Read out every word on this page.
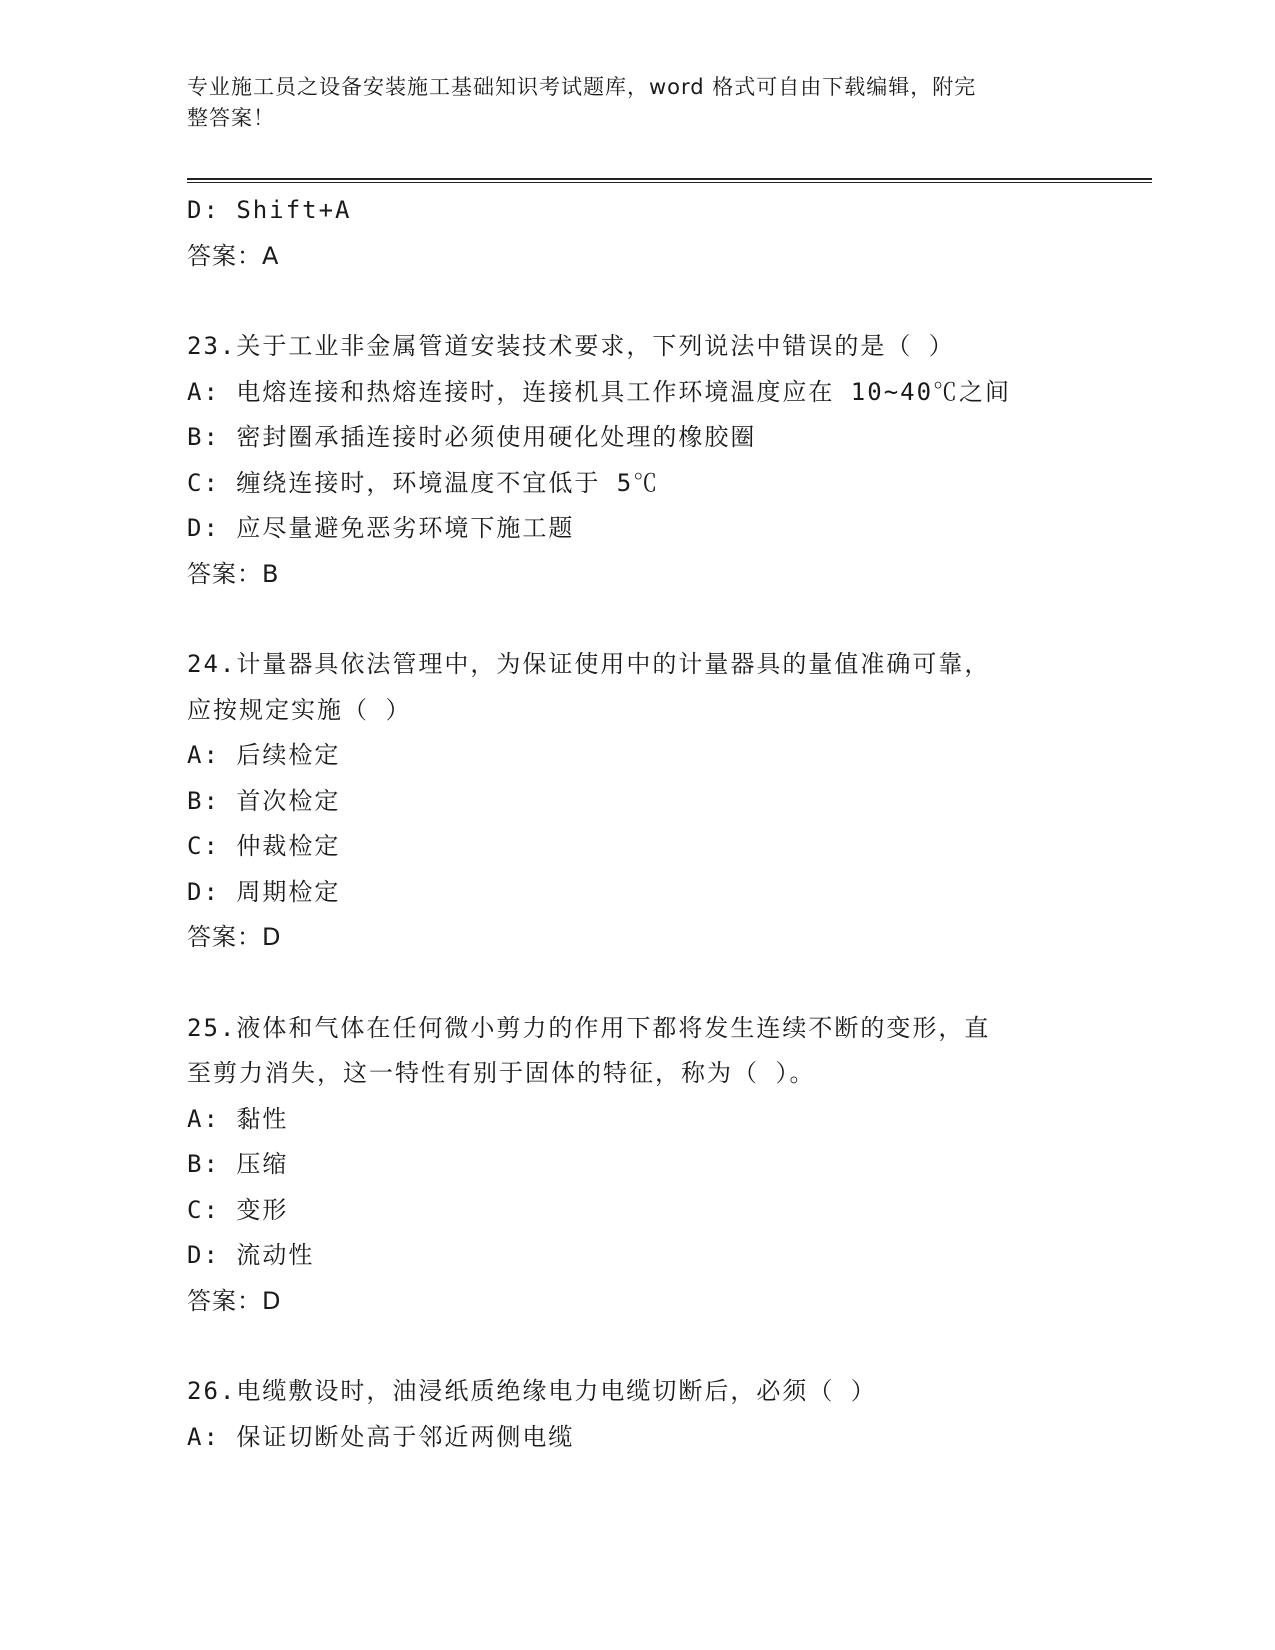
专业施工员之设备安装施工基础知识考试题库，word 格式可自由下载编辑，附完
整答案！
D: Shift+A
答案：A
23.关于工业非金属管道安装技术要求，下列说法中错误的是（ ）
A: 电熔连接和热熔连接时，连接机具工作环境温度应在 10~40℃之间
B: 密封圈承插连接时必须使用硬化处理的橡胶圈
C: 缠绕连接时，环境温度不宜低于 5℃
D: 应尽量避免恶劣环境下施工题
答案：B
24.计量器具依法管理中，为保证使用中的计量器具的量值准确可靠，
应按规定实施（ ）
A: 后续检定
B: 首次检定
C: 仲裁检定
D: 周期检定
答案：D
25.液体和气体在任何微小剪力的作用下都将发生连续不断的变形，直
至剪力消失，这一特性有别于固体的特征，称为（ ）。
A: 黏性
B: 压缩
C: 变形
D: 流动性
答案：D
26.电缆敷设时，油浸纸质绝缘电力电缆切断后，必须（ ）
A: 保证切断处高于邻近两侧电缆
